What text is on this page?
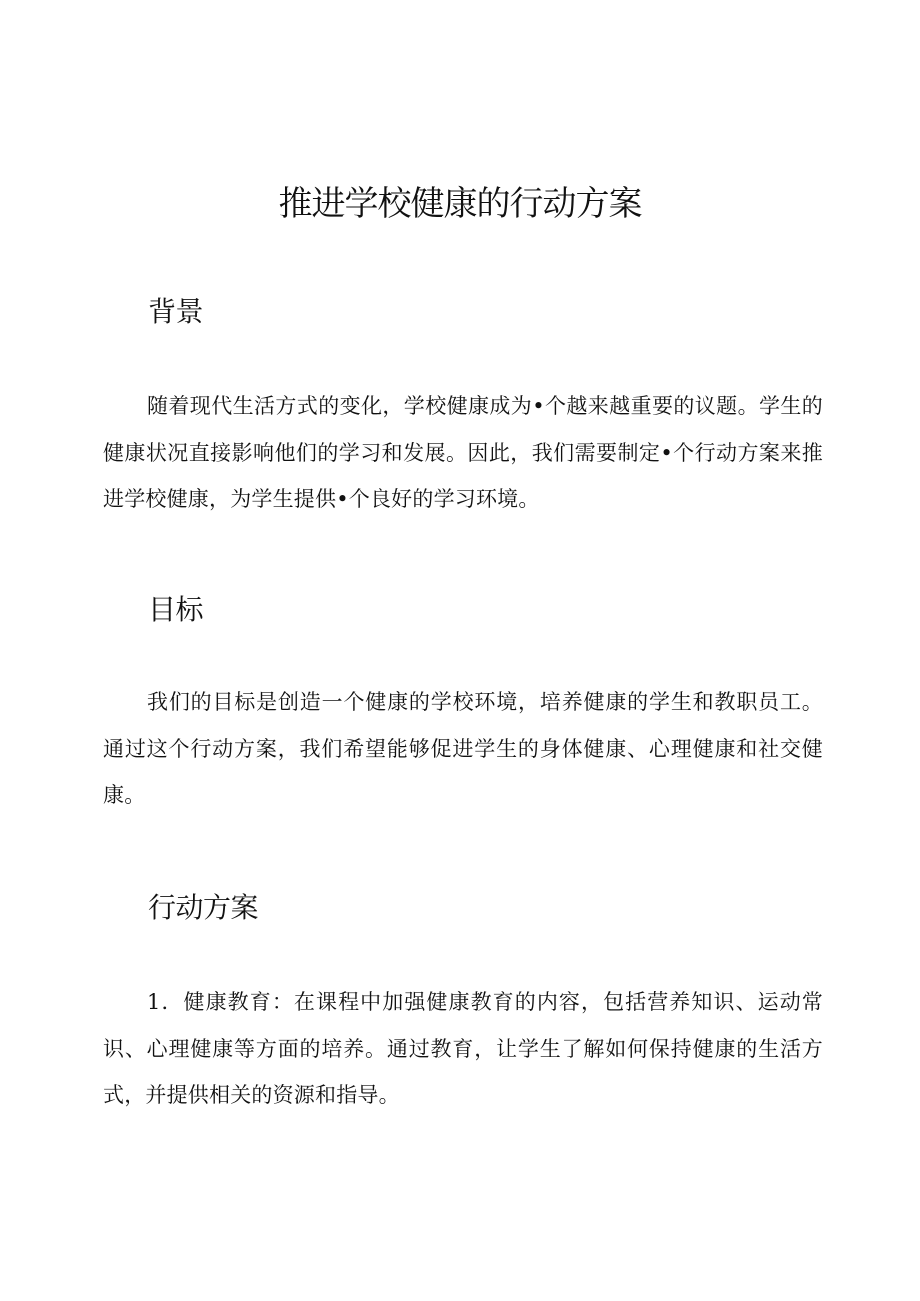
推进学校健康的行动方案
背景

随着现代生活方式的变化，学校健康成为•个越来越重要的议题。学生的健康状况直接影响他们的学习和发展。因此，我们需要制定•个行动方案来推进学校健康，为学生提供•个良好的学习环境。

目标

我们的目标是创造一个健康的学校环境，培养健康的学生和教职员工。通过这个行动方案，我们希望能够促进学生的身体健康、心理健康和社交健康。

行动方案

1．健康教育：在课程中加强健康教育的内容，包括营养知识、运动常识、心理健康等方面的培养。通过教育，让学生了解如何保持健康的生活方式，并提供相关的资源和指导。
